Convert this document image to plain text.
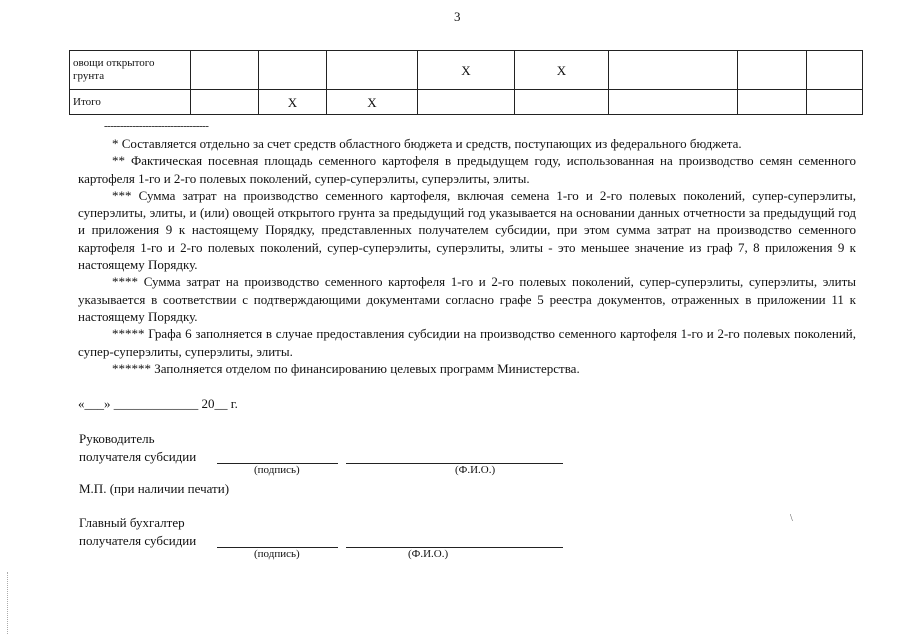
3
овощи открытого грунта				Х	Х			
Итого		Х	Х					
---------------------------------

* Составляется отдельно за счет средств областного бюджета и средств, поступающих из федерального бюджета.

** Фактическая посевная площадь семенного картофеля в предыдущем году, использованная на производство семян семенного картофеля 1-го и 2-го полевых поколений, супер-суперэлиты, суперэлиты, элиты.

*** Сумма затрат на производство семенного картофеля, включая семена 1-го и 2-го полевых поколений, супер-суперэлиты, суперэлиты, элиты, и (или) овощей открытого грунта за предыдущий год указывается на основании данных отчетности за предыдущий год и приложения 9 к настоящему Порядку, представленных получателем субсидии, при этом сумма затрат на производство семенного картофеля 1-го и 2-го полевых поколений, супер-суперэлиты, суперэлиты, элиты - это меньшее значение из граф 7, 8 приложения 9 к настоящему Порядку.

**** Сумма затрат на производство семенного картофеля 1-го и 2-го полевых поколений, супер-суперэлиты, суперэлиты, элиты указывается в соответствии с подтверждающими документами согласно графе 5 реестра документов, отраженных в приложении 11 к настоящему Порядку.

***** Графа 6 заполняется в случае предоставления субсидии на производство семенного картофеля 1-го и 2-го полевых поколений, супер-суперэлиты, суперэлиты, элиты.

****** Заполняется отделом по финансированию целевых программ Министерства.

«___» _____________ 20__ г.
Руководитель
получателя субсидии
(подпись)	(Ф.И.О.)
М.П. (при наличии печати)
Главный бухгалтер
получателя субсидии
(подпись)	(Ф.И.О.)
\
